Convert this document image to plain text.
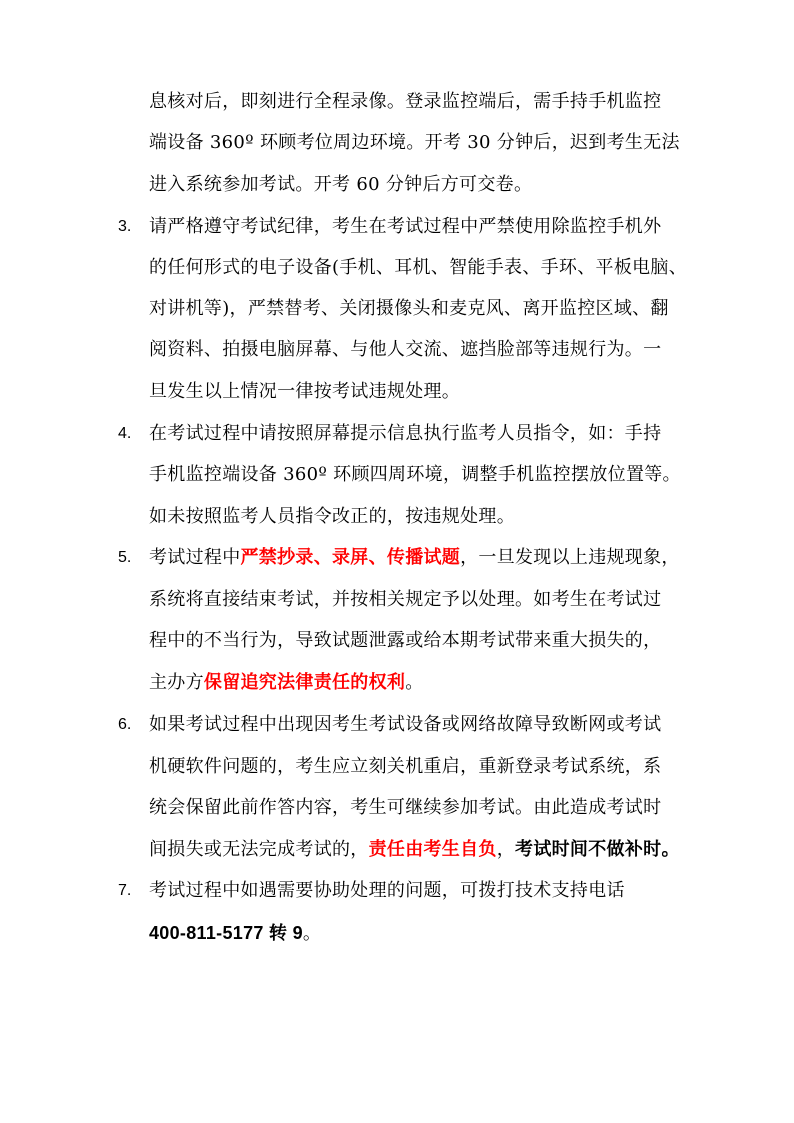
息核对后，即刻进行全程录像。登录监控端后，需手持手机监控
端设备 360º 环顾考位周边环境。开考 30 分钟后，迟到考生无法
进入系统参加考试。开考 60 分钟后方可交卷。
3. 请严格遵守考试纪律，考生在考试过程中严禁使用除监控手机外
的任何形式的电子设备(手机、耳机、智能手表、手环、平板电脑、
对讲机等)，严禁替考、关闭摄像头和麦克风、离开监控区域、翻
阅资料、拍摄电脑屏幕、与他人交流、遮挡脸部等违规行为。一
旦发生以上情况一律按考试违规处理。
4. 在考试过程中请按照屏幕提示信息执行监考人员指令，如：手持
手机监控端设备 360º 环顾四周环境，调整手机监控摆放位置等。
如未按照监考人员指令改正的，按违规处理。
5. 考试过程中严禁抄录、录屏、传播试题，一旦发现以上违规现象，
系统将直接结束考试，并按相关规定予以处理。如考生在考试过
程中的不当行为，导致试题泄露或给本期考试带来重大损失的，
主办方保留追究法律责任的权利。
6. 如果考试过程中出现因考生考试设备或网络故障导致断网或考试
机硬软件问题的，考生应立刻关机重启，重新登录考试系统，系
统会保留此前作答内容，考生可继续参加考试。由此造成考试时
间损失或无法完成考试的，责任由考生自负，考试时间不做补时。
7. 考试过程中如遇需要协助处理的问题，可拨打技术支持电话
400-811-5177 转 9。
